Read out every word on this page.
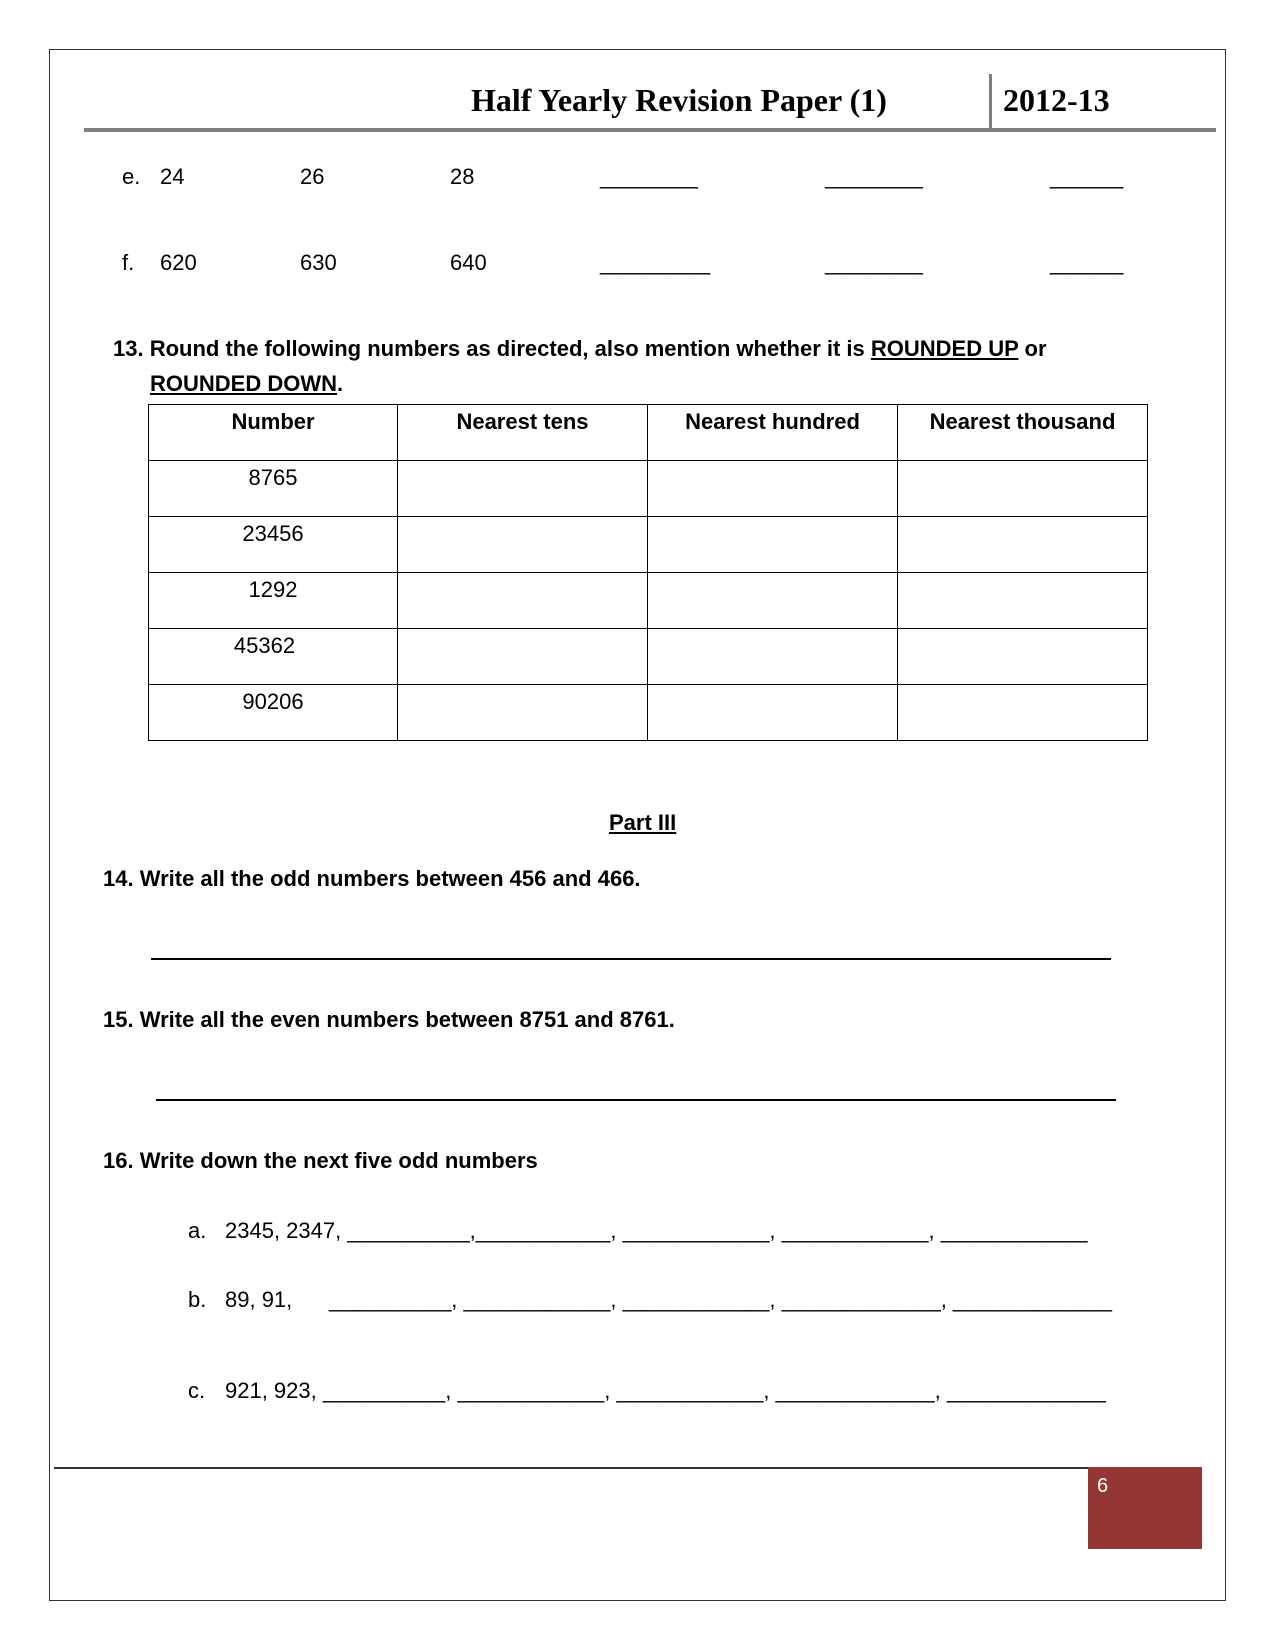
Half Yearly Revision Paper (1)	2012-13
e. 24	26	28	________	________	______
f. 620	630	640	_________	________	______
13. Round the following numbers as directed, also mention whether it is ROUNDED UP or
ROUNDED DOWN.
Number	Nearest tens	Nearest hundred	Nearest thousand
8765			
23456			
1292			
45362			
90206			
Part III
14. Write all the odd numbers between 456 and 466.
15. Write all the even numbers between 8751 and 8761.
16. Write down the next five odd numbers
a. 2345, 2347, __________,___________, ____________, ____________, ____________
b. 89, 91,      __________, ____________, ____________, _____________, _____________
c. 921, 923, __________, ____________, ____________, _____________, _____________
6
